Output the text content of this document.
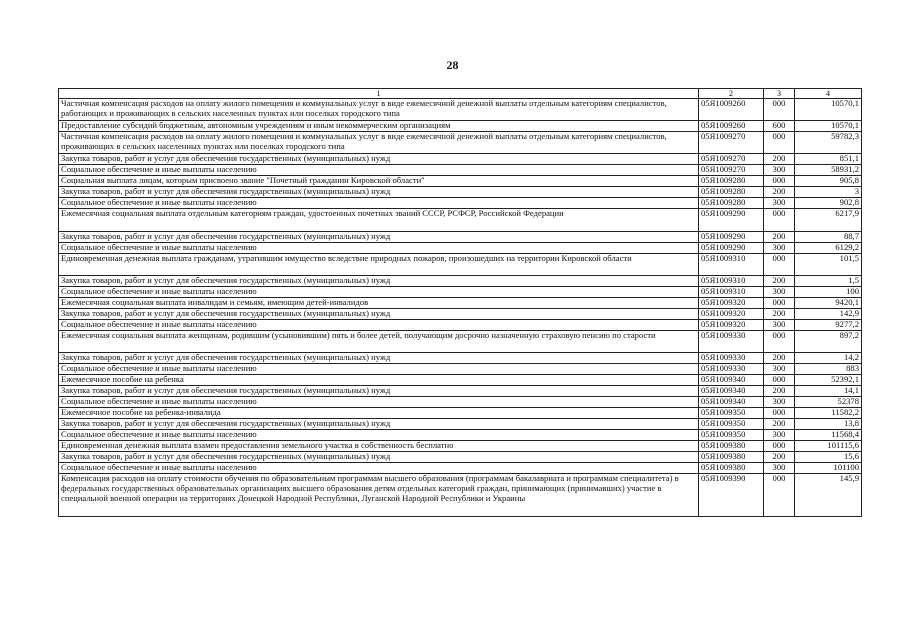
28
1	2	3	4
Частичная компенсация расходов на оплату жилого помещения и коммунальных услуг в виде ежемесячной денежной выплаты отдельным категориям специалистов, работающих и проживающих в сельских населенных пунктах или поселках городского типа	05Я1009260	000	10570,1
Предоставление субсидий бюджетным, автономным учреждениям и иным некоммерческим организациям	05Я1009260	600	10570,1
Частичная компенсация расходов на оплату жилого помещения и коммунальных услуг в виде ежемесячной денежной выплаты отдельным категориям специалистов, проживающих в сельских населенных пунктах или поселках городского типа	05Я1009270	000	59782,3
Закупка товаров, работ и услуг для обеспечения государственных (муниципальных) нужд	05Я1009270	200	851,1
Социальное обеспечение и иные выплаты населению	05Я1009270	300	58931,2
Социальная выплата лицам, которым присвоено звание "Почетный гражданин Кировской области"	05Я1009280	000	905,8
Закупка товаров, работ и услуг для обеспечения государственных (муниципальных) нужд	05Я1009280	200	3
Социальное обеспечение и иные выплаты населению	05Я1009280	300	902,8
Ежемесячная социальная выплата отдельным категориям граждан, удостоенных почетных званий СССР, РСФСР, Российской Федерации	05Я1009290	000	6217,9
Закупка товаров, работ и услуг для обеспечения государственных (муниципальных) нужд	05Я1009290	200	88,7
Социальное обеспечение и иные выплаты населению	05Я1009290	300	6129,2
Единовременная денежная выплата гражданам, утратившим имущество вследствие природных пожаров, произошедших на территории Кировской области	05Я1009310	000	101,5
Закупка товаров, работ и услуг для обеспечения государственных (муниципальных) нужд	05Я1009310	200	1,5
Социальное обеспечение и иные выплаты населению	05Я1009310	300	100
Ежемесячная социальная выплата инвалидам и семьям, имеющим детей-инвалидов	05Я1009320	000	9420,1
Закупка товаров, работ и услуг для обеспечения государственных (муниципальных) нужд	05Я1009320	200	142,9
Социальное обеспечение и иные выплаты населению	05Я1009320	300	9277,2
Ежемесячная социальная выплата женщинам, родившим (усыновившим) пять и более детей, получающим досрочно назначенную страховую пенсию по старости	05Я1009330	000	897,2
Закупка товаров, работ и услуг для обеспечения государственных (муниципальных) нужд	05Я1009330	200	14,2
Социальное обеспечение и иные выплаты населению	05Я1009330	300	883
Ежемесячное пособие на ребенка	05Я1009340	000	52392,1
Закупка товаров, работ и услуг для обеспечения государственных (муниципальных) нужд	05Я1009340	200	14,1
Социальное обеспечение и иные выплаты населению	05Я1009340	300	52378
Ежемесячное пособие на ребенка-инвалида	05Я1009350	000	11582,2
Закупка товаров, работ и услуг для обеспечения государственных (муниципальных) нужд	05Я1009350	200	13,8
Социальное обеспечение и иные выплаты населению	05Я1009350	300	11568,4
Единовременная денежная выплата взамен предоставления земельного участка в собственность бесплатно	05Я1009380	000	101115,6
Закупка товаров, работ и услуг для обеспечения государственных (муниципальных) нужд	05Я1009380	200	15,6
Социальное обеспечение и иные выплаты населению	05Я1009380	300	101100
Компенсация расходов на оплату стоимости обучения по образовательным программам высшего образования (программам бакалавриата и программам специалитета) в федеральных государственных образовательных организациях высшего образования детям отдельных категорий граждан, принимающих (принимавших) участие в специальной военной операции на территориях Донецкой Народной Республики, Луганской Народной Республики и Украины	05Я1009390	000	145,9
